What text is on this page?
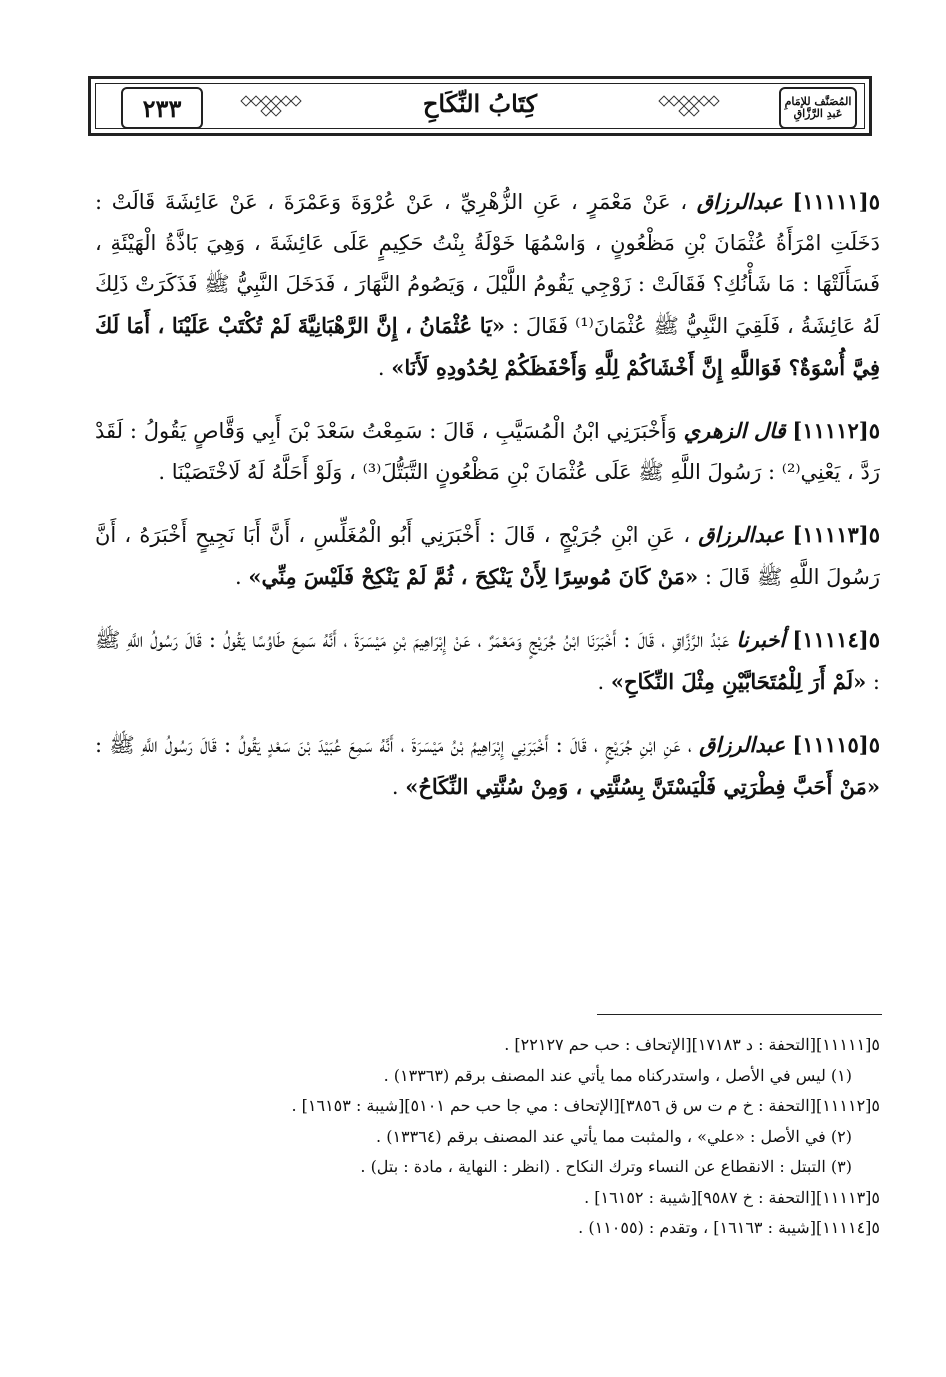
٢٣٣	كِتَابُ النِّكَاحِ	المُصَنَّف للإمَامِ عَبدِ الرَّزَّاقِ

٥[١١١١١] عبدالرزاق ، عَنْ مَعْمَرٍ ، عَنِ الزُّهْرِيِّ ، عَنْ عُرْوَةَ وَعَمْرَةَ ، عَنْ عَائِشَةَ قَالَتْ : دَخَلَتِ امْرَأَةُ عُثْمَانَ بْنِ مَظْعُونٍ ، وَاسْمُهَا خَوْلَةُ بِنْتُ حَكِيمٍ عَلَى عَائِشَةَ ، وَهِيَ بَاذَّةُ الْهَيْئَةِ ، فَسَأَلَتْهَا : مَا شَأْنُكِ؟ فَقَالَتْ : زَوْجِي يَقُومُ اللَّيْلَ ، وَيَصُومُ النَّهَارَ ، فَدَخَلَ النَّبِيُّ ﷺ فَذَكَرَتْ ذَلِكَ لَهُ عَائِشَةُ ، فَلَقِيَ النَّبِيُّ ﷺ عُثْمَانَ⁽¹⁾ فَقَالَ : «يَا عُثْمَانُ ، إِنَّ الرَّهْبَانِيَّةَ لَمْ تُكْتَبْ عَلَيْنَا ، أَمَا لَكَ فِيَّ أُسْوَةٌ؟ فَوَاللَّهِ إِنَّ أَخْشَاكُمْ لِلَّهِ وَأَحْفَظَكُمْ لِحُدُودِهِ لَأَنَا» .

٥[١١١١٢] قال الزهري وَأَخْبَرَنِي ابْنُ الْمُسَيَّبِ ، قَالَ : سَمِعْتُ سَعْدَ بْنَ أَبِي وَقَّاصٍ يَقُولُ : لَقَدْ رَدَّ ، يَعْنِي⁽²⁾ : رَسُولَ اللَّهِ ﷺ عَلَى عُثْمَانَ بْنِ مَظْعُونٍ التَّبَتُّلَ⁽³⁾ ، وَلَوْ أَحَلَّهُ لَهُ لَاخْتَصَيْنَا .

٥[١١١١٣] عبدالرزاق ، عَنِ ابْنِ جُرَيْجٍ ، قَالَ : أَخْبَرَنِي أَبُو الْمُغَلِّسِ ، أَنَّ أَبَا نَجِيحٍ أَخْبَرَهُ ، أَنَّ رَسُولَ اللَّهِ ﷺ قَالَ : «مَنْ كَانَ مُوسِرًا لِأَنْ يَنْكِحَ ، ثُمَّ لَمْ يَنْكِحْ فَلَيْسَ مِنِّي» .

٥[١١١١٤] أخبرنا عَبْدُ الرَّزَّاقِ ، قَالَ : أَخْبَرَنَا ابْنُ جُرَيْجٍ وَمَعْمَرٌ ، عَنْ إِبْرَاهِيمَ بْنِ مَيْسَرَةَ ، أَنَّهُ سَمِعَ طَاوُسًا يَقُولُ : قَالَ رَسُولُ اللَّهِ ﷺ : «لَمْ أَرَ لِلْمُتَحَابَّيْنِ مِثْلَ النِّكَاحِ» .

٥[١١١١٥] عبدالرزاق ، عَنِ ابْنِ جُرَيْجٍ ، قَالَ : أَخْبَرَنِي إِبْرَاهِيمُ بْنُ مَيْسَرَةَ ، أَنَّهُ سَمِعَ عُبَيْدَ بْنَ سَعْدٍ يَقُولُ : قَالَ رَسُولُ اللَّهِ ﷺ : «مَنْ أَحَبَّ فِطْرَتِي فَلْيَسْتَنَّ بِسُنَّتِي ، وَمِنْ سُنَّتِي النِّكَاحُ» .

٥[١١١١١][التحفة : د ١٧١٨٣][الإتحاف : حب حم ٢٢١٢٧] .
(١) ليس في الأصل ، واستدركناه مما يأتي عند المصنف برقم (١٣٣٦٣) .
٥[١١١١٢][التحفة : خ م ت س ق ٣٨٥٦][الإتحاف : مي جا حب حم ٥١٠١][شيبة : ١٦١٥٣] .
(٢) في الأصل : «علي» ، والمثبت مما يأتي عند المصنف برقم (١٣٣٦٤) .
(٣) التبتل : الانقطاع عن النساء وترك النكاح . (انظر : النهاية ، مادة : بتل) .
٥[١١١١٣][التحفة : خ ٩٥٨٧][شيبة : ١٦١٥٢] .
٥[١١١١٤][شيبة : ١٦١٦٣] ، وتقدم : (١١٠٥٥) .
